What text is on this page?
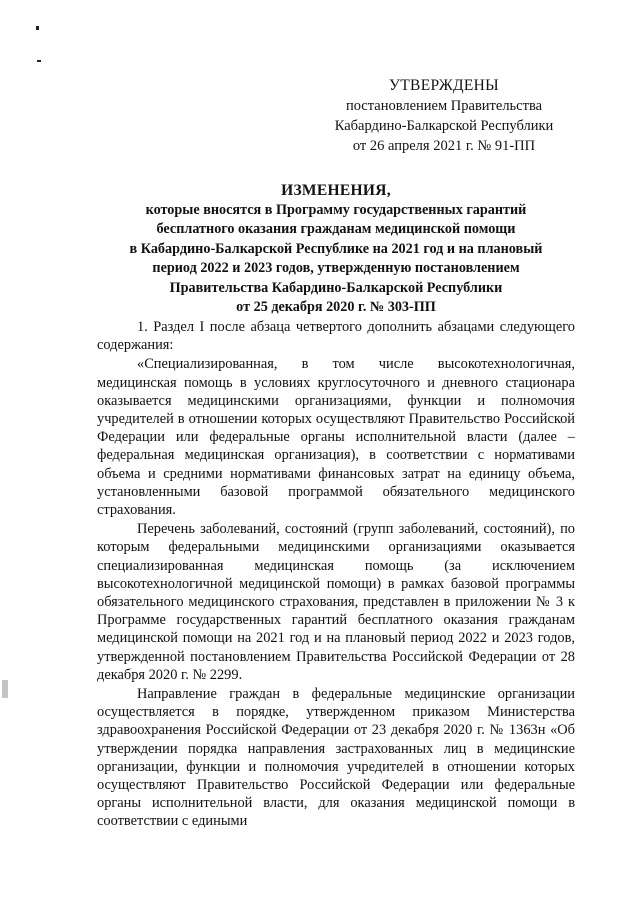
УТВЕРЖДЕНЫ
постановлением Правительства
Кабардино-Балкарской Республики
от 26 апреля 2021 г. № 91-ПП
ИЗМЕНЕНИЯ,
которые вносятся в Программу государственных гарантий
бесплатного оказания гражданам медицинской помощи
в Кабардино-Балкарской Республике на 2021 год и на плановый
период 2022 и 2023 годов, утвержденную постановлением
Правительства Кабардино-Балкарской Республики
от 25 декабря 2020 г. № 303-ПП

1. Раздел I после абзаца четвертого дополнить абзацами следующего содержания:

«Специализированная, в том числе высокотехнологичная, медицинская помощь в условиях круглосуточного и дневного стационара оказывается медицинскими организациями, функции и полномочия учредителей в отношении которых осуществляют Правительство Российской Федерации или федеральные органы исполнительной власти (далее – федеральная медицинская организация), в соответствии с нормативами объема и средними нормативами финансовых затрат на единицу объема, установленными базовой программой обязательного медицинского страхования.

Перечень заболеваний, состояний (групп заболеваний, состояний), по которым федеральными медицинскими организациями оказывается специализированная медицинская помощь (за исключением высокотехнологичной медицинской помощи) в рамках базовой программы обязательного медицинского страхования, представлен в приложении № 3 к Программе государственных гарантий бесплатного оказания гражданам медицинской помощи на 2021 год и на плановый период 2022 и 2023 годов, утвержденной постановлением Правительства Российской Федерации от 28 декабря 2020 г. № 2299.

Направление граждан в федеральные медицинские организации осуществляется в порядке, утвержденном приказом Министерства здравоохранения Российской Федерации от 23 декабря 2020 г. № 1363н «Об утверждении порядка направления застрахованных лиц в медицинские организации, функции и полномочия учредителей в отношении которых осуществляют Правительство Российской Федерации или федеральные органы исполнительной власти, для оказания медицинской помощи в соответствии с едиными
